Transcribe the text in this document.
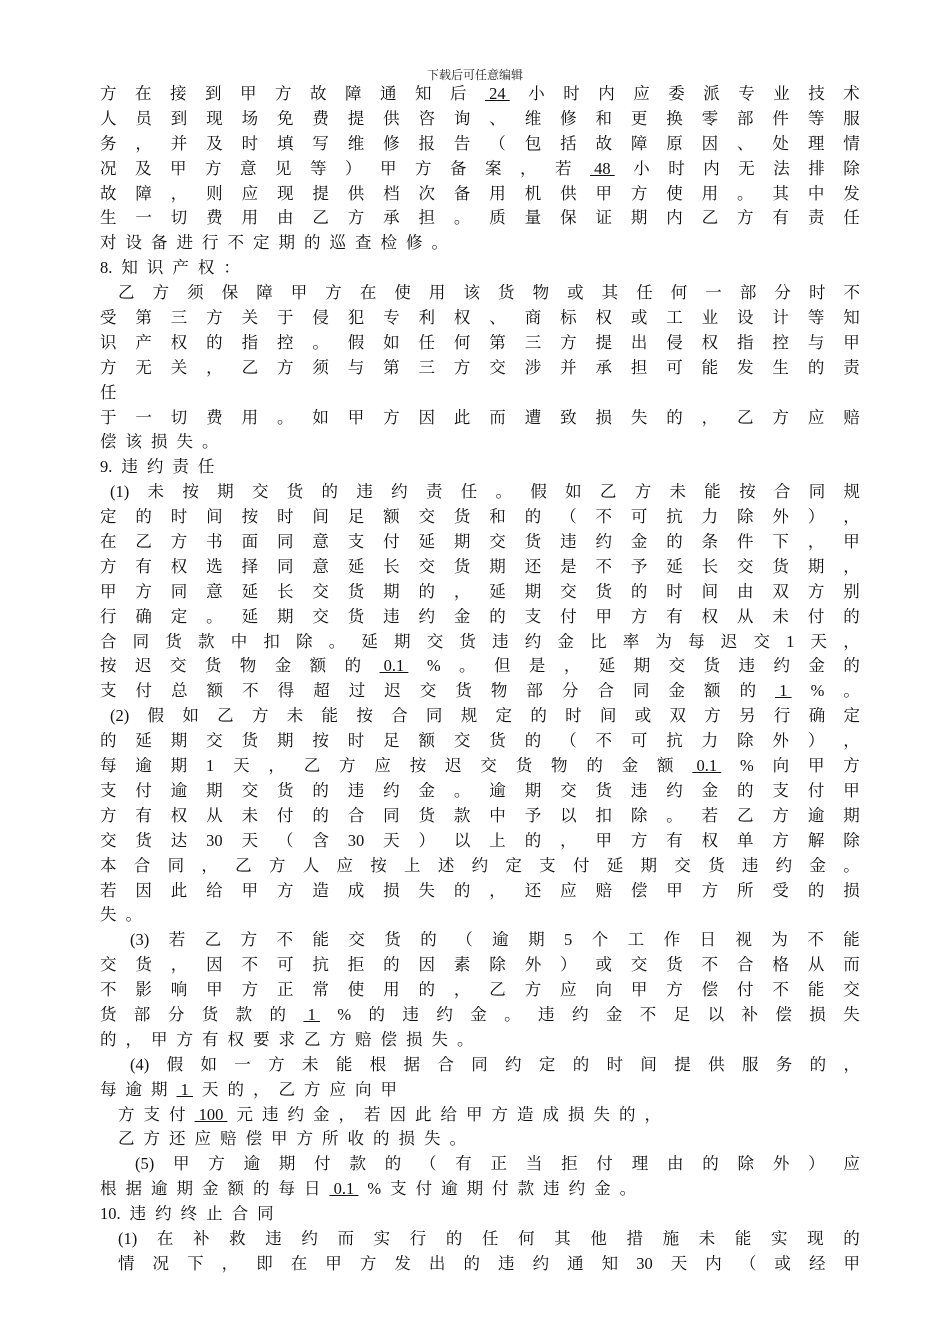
下载后可任意编辑
方 在 接 到 甲 方 故 障 通 知 后 24 小 时 内 应 委 派 专 业 技 术
人 员 到 现 场 免 费 提 供 咨 询 、 维 修 和 更 换 零 部 件 等 服
务 ， 并 及 时 填 写 维 修 报 告 （ 包 括 故 障 原 因 、 处 理 情
况 及 甲 方 意 见 等 ） 甲 方 备 案 ， 若 48 小 时 内 无 法 排 除
故 障 ， 则 应 现 提 供 档 次 备 用 机 供 甲 方 使 用 。 其 中 发
生 一 切 费 用 由 乙 方 承 担 。 质 量 保 证 期 内 乙 方 有 责 任
对 设 备 进 行 不 定 期 的 巡 查 检 修 。
8. 知 识 产 权 ：
乙 方 须 保 障 甲 方 在 使 用 该 货 物 或 其 任 何 一 部 分 时 不
受 第 三 方 关 于 侵 犯 专 利 权 、 商 标 权 或 工 业 设 计 等 知
识 产 权 的 指 控 。 假 如 任 何 第 三 方 提 出 侵 权 指 控 与 甲
方 无 关 ， 乙 方 须 与 第 三 方 交 涉 并 承 担 可 能 发 生 的 责
任
于 一 切 费 用 。 如 甲 方 因 此 而 遭 致 损 失 的 ， 乙 方 应 赔
偿 该 损 失 。
9. 违 约 责 任
(1) 未 按 期 交 货 的 违 约 责 任 。 假 如 乙 方 未 能 按 合 同 规
定 的 时 间 按 时 间 足 额 交 货 和 的 （ 不 可 抗 力 除 外 ） ，
在 乙 方 书 面 同 意 支 付 延 期 交 货 违 约 金 的 条 件 下 ， 甲
方 有 权 选 择 同 意 延 长 交 货 期 还 是 不 予 延 长 交 货 期 ，
甲 方 同 意 延 长 交 货 期 的 ， 延 期 交 货 的 时 间 由 双 方 别
行 确 定 。 延 期 交 货 违 约 金 的 支 付 甲 方 有 权 从 未 付 的
合 同 货 款 中 扣 除 。 延 期 交 货 违 约 金 比 率 为 每 迟 交 1 天 ，
按 迟 交 货 物 金 额 的 0.1 % 。 但 是 ， 延 期 交 货 违 约 金 的
支 付 总 额 不 得 超 过 迟 交 货 物 部 分 合 同 金 额 的 1 % 。
(2) 假 如 乙 方 未 能 按 合 同 规 定 的 时 间 或 双 方 另 行 确 定
的 延 期 交 货 期 按 时 足 额 交 货 的 （ 不 可 抗 力 除 外 ） ，
每 逾 期 1 天 ， 乙 方 应 按 迟 交 货 物 的 金 额 0.1 % 向 甲 方
支 付 逾 期 交 货 的 违 约 金 。 逾 期 交 货 违 约 金 的 支 付 甲
方 有 权 从 未 付 的 合 同 货 款 中 予 以 扣 除 。 若 乙 方 逾 期
交 货 达 30 天 （ 含 30 天 ） 以 上 的 ， 甲 方 有 权 单 方 解 除
本 合 同 ， 乙 方 人 应 按 上 述 约 定 支 付 延 期 交 货 违 约 金 。
若 因 此 给 甲 方 造 成 损 失 的 ， 还 应 赔 偿 甲 方 所 受 的 损
失 。
(3) 若 乙 方 不 能 交 货 的 （ 逾 期 5 个 工 作 日 视 为 不 能
交 货 ， 因 不 可 抗 拒 的 因 素 除 外 ） 或 交 货 不 合 格 从 而
不 影 响 甲 方 正 常 使 用 的 ， 乙 方 应 向 甲 方 偿 付 不 能 交
货 部 分 货 款 的 1 % 的 违 约 金 。 违 约 金 不 足 以 补 偿 损 失
的 ， 甲 方 有 权 要 求 乙 方 赔 偿 损 失 。
(4) 假 如 一 方 未 能 根 据 合 同 约 定 的 时 间 提 供 服 务 的 ，
每 逾 期 1 天 的 ， 乙 方 应 向 甲
方 支 付 100 元 违 约 金 ， 若 因 此 给 甲 方 造 成 损 失 的 ，
乙 方 还 应 赔 偿 甲 方 所 收 的 损 失 。
(5) 甲 方 逾 期 付 款 的 （ 有 正 当 拒 付 理 由 的 除 外 ） 应
根 据 逾 期 金 额 的 每 日 0.1 % 支 付 逾 期 付 款 违 约 金 。
10. 违 约 终 止 合 同
(1) 在 补 救 违 约 而 实 行 的 任 何 其 他 措 施 未 能 实 现 的
情 况 下 ， 即 在 甲 方 发 出 的 违 约 通 知 30 天 内 （ 或 经 甲
